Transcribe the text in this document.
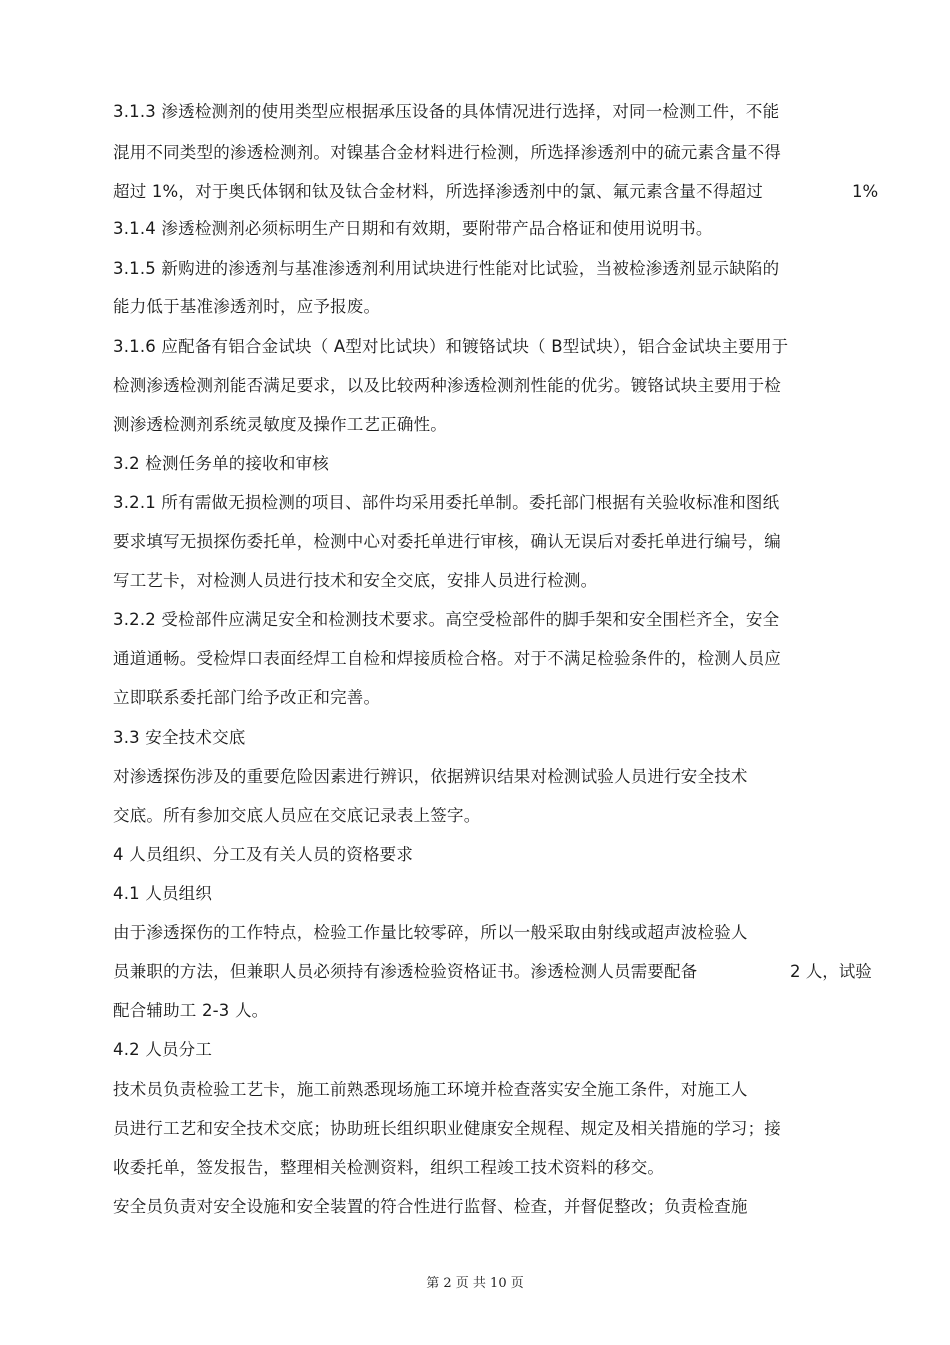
3.1.3 渗透检测剂的使用类型应根据承压设备的具体情况进行选择，对同一检测工件，不能
混用不同类型的渗透检测剂。对镍基合金材料进行检测，所选择渗透剂中的硫元素含量不得
超过 1%，对于奥氏体钢和钛及钛合金材料，所选择渗透剂中的氯、氟元素含量不得超过
3.1.4 渗透检测剂必须标明生产日期和有效期，要附带产品合格证和使用说明书。
3.1.5 新购进的渗透剂与基准渗透剂利用试块进行性能对比试验，当被检渗透剂显示缺陷的
能力低于基准渗透剂时，应予报废。
3.1.6 应配备有铝合金试块（ A型对比试块）和镀铬试块（ B型试块），铝合金试块主要用于
检测渗透检测剂能否满足要求，以及比较两种渗透检测剂性能的优劣。镀铬试块主要用于检
测渗透检测剂系统灵敏度及操作工艺正确性。
3.2 检测任务单的接收和审核
3.2.1 所有需做无损检测的项目、部件均采用委托单制。委托部门根据有关验收标准和图纸
要求填写无损探伤委托单，检测中心对委托单进行审核，确认无误后对委托单进行编号，编
写工艺卡，对检测人员进行技术和安全交底，安排人员进行检测。
3.2.2 受检部件应满足安全和检测技术要求。高空受检部件的脚手架和安全围栏齐全，安全
通道通畅。受检焊口表面经焊工自检和焊接质检合格。对于不满足检验条件的，检测人员应
立即联系委托部门给予改正和完善。
3.3 安全技术交底
对渗透探伤涉及的重要危险因素进行辨识，依据辨识结果对检测试验人员进行安全技术
交底。所有参加交底人员应在交底记录表上签字。
4 人员组织、分工及有关人员的资格要求
4.1 人员组织
由于渗透探伤的工作特点，检验工作量比较零碎，所以一般采取由射线或超声波检验人
员兼职的方法，但兼职人员必须持有渗透检验资格证书。渗透检测人员需要配备
配合辅助工 2-3 人。
4.2 人员分工
技术员负责检验工艺卡，施工前熟悉现场施工环境并检查落实安全施工条件，对施工人
员进行工艺和安全技术交底；协助班长组织职业健康安全规程、规定及相关措施的学习；接
收委托单，签发报告，整理相关检测资料，组织工程竣工技术资料的移交。
安全员负责对安全设施和安全装置的符合性进行监督、检查，并督促整改；负责检查施
1%
2 人，试验
第 2 页 共 10 页
